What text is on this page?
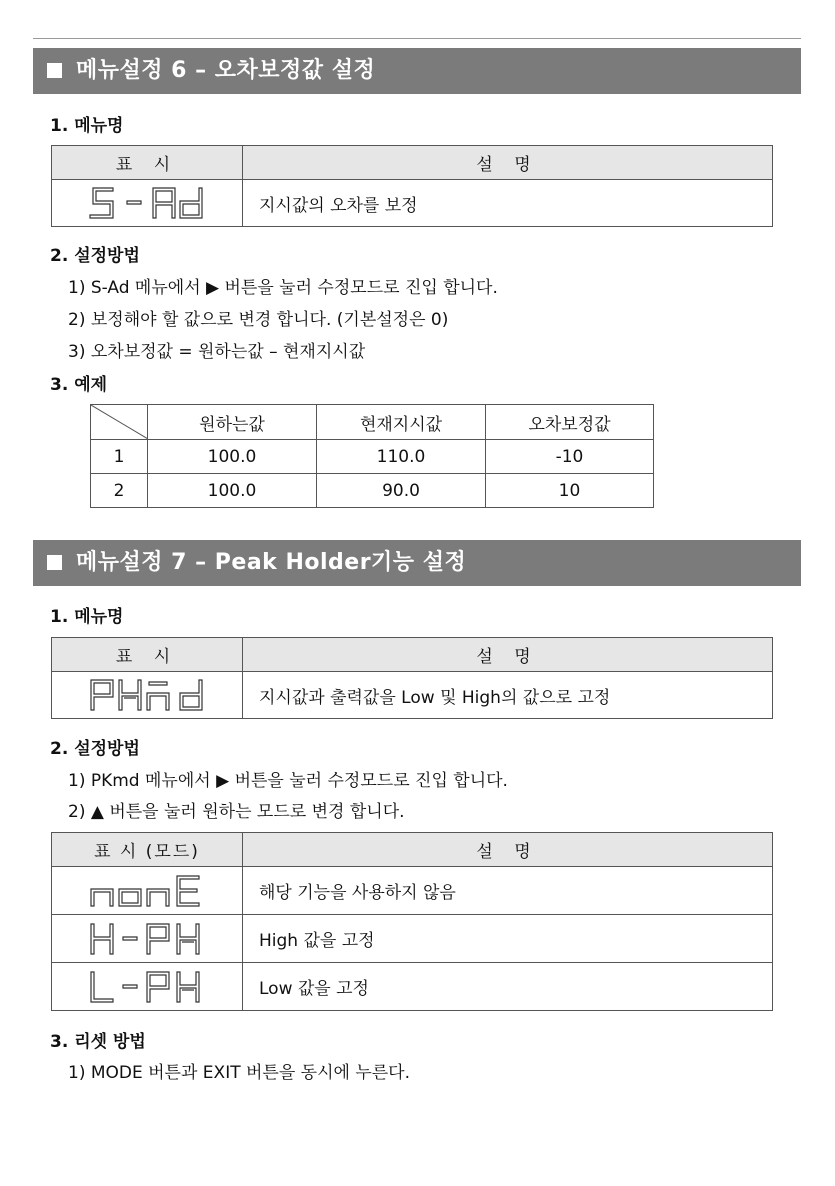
메뉴설정 6 – 오차보정값 설정
1. 메뉴명
표 시	설 명

	지시값의 오차를 보정
2. 설정방법
1) S-Ad 메뉴에서 ▶ 버튼을 눌러 수정모드로 진입 합니다.
2) 보정해야 할 값으로 변경 합니다. (기본설정은 0)
3) 오차보정값 = 원하는값 – 현재지시값
3. 예제
	원하는값	현재지시값	오차보정값
1	100.0	110.0	-10
2	100.0	90.0	10
메뉴설정 7 – Peak Holder기능 설정
1. 메뉴명
표 시	설 명

	지시값과 출력값을 Low 및 High의 값으로 고정
2. 설정방법
1) PKmd 메뉴에서 ▶ 버튼을 눌러 수정모드로 진입 합니다.
2) ▲ 버튼을 눌러 원하는 모드로 변경 합니다.
표 시 (모드)	설 명

	해당 기능을 사용하지 않음

	High 값을 고정

	Low 값을 고정
3. 리셋 방법
1) MODE 버튼과 EXIT 버튼을 동시에 누른다.
